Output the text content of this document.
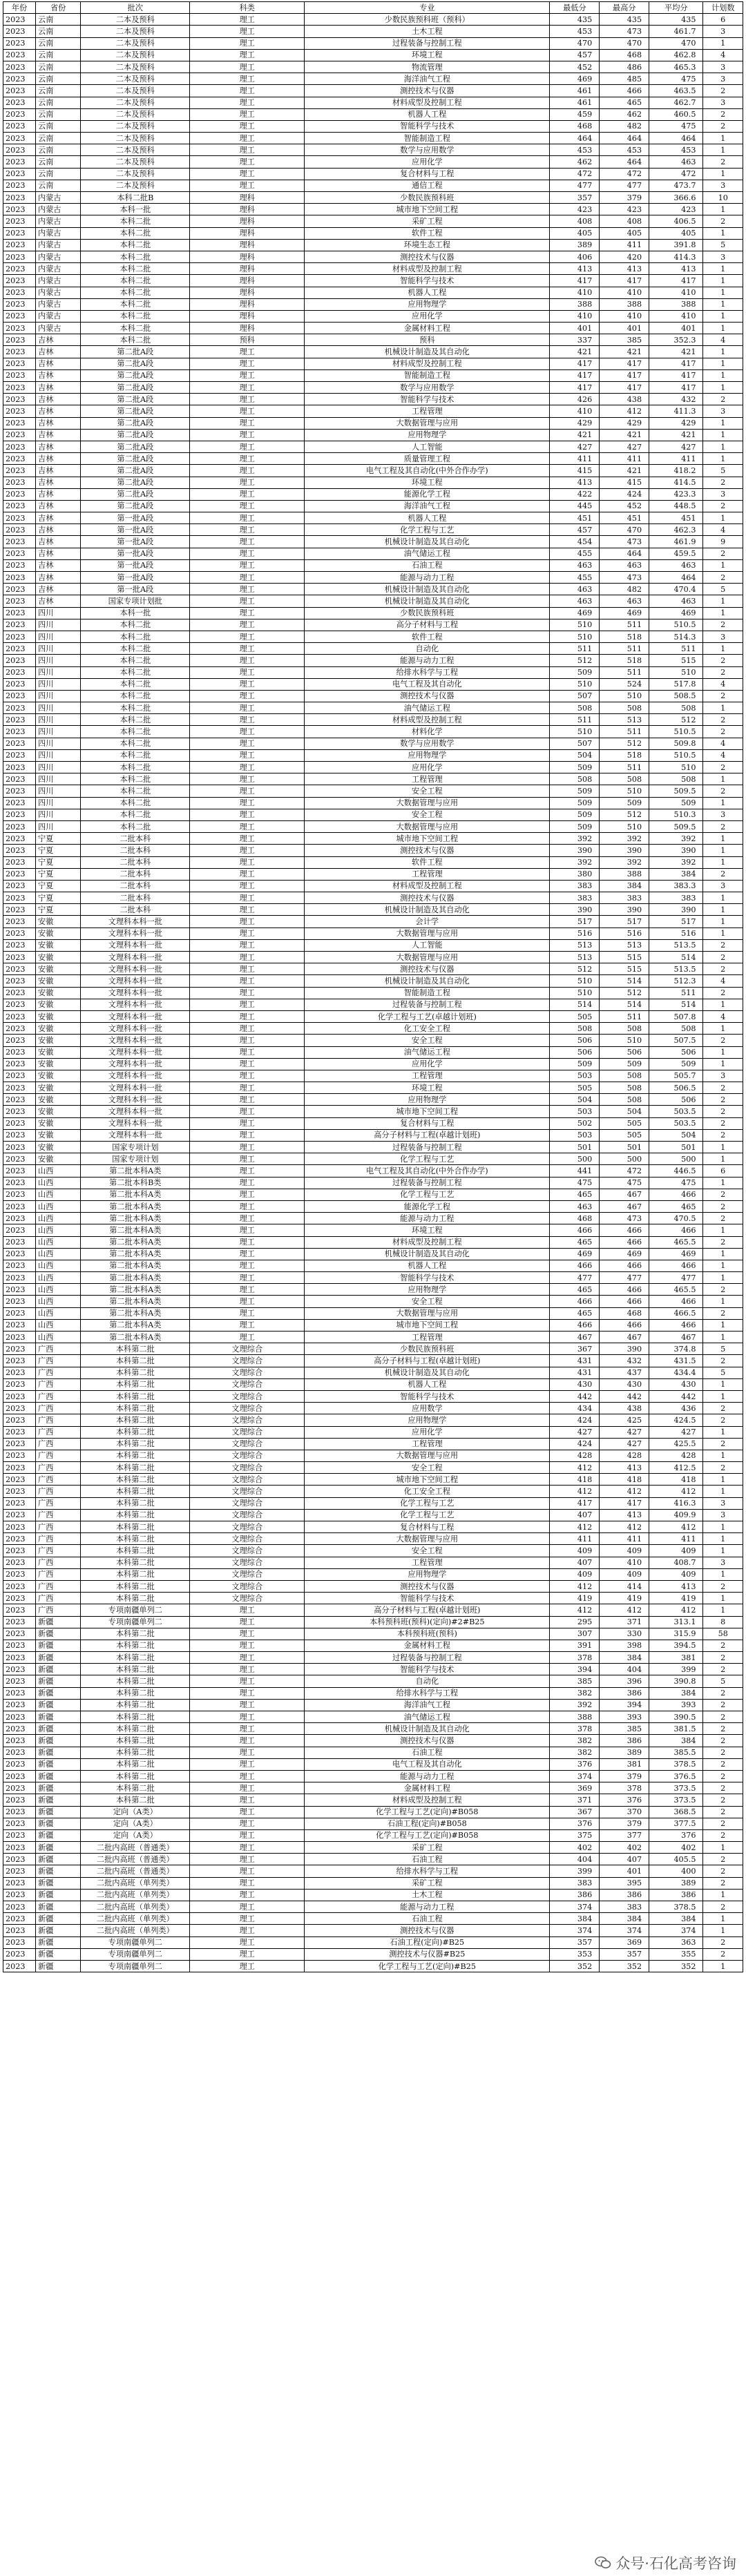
年份	省份	批次	科类	专业	最低分	最高分	平均分	计划数
2023	云南	二本及预科	理工	少数民族预科班（预科）	435	435	435	6
2023	云南	二本及预科	理工	土木工程	453	473	461.7	3
2023	云南	二本及预科	理工	过程装备与控制工程	470	470	470	1
2023	云南	二本及预科	理工	环境工程	457	468	462.8	4
2023	云南	二本及预科	理工	物流管理	452	486	465.3	3
2023	云南	二本及预科	理工	海洋油气工程	469	485	475	3
2023	云南	二本及预科	理工	测控技术与仪器	461	466	463.5	2
2023	云南	二本及预科	理工	材料成型及控制工程	461	465	462.7	3
2023	云南	二本及预科	理工	机器人工程	459	462	460.5	2
2023	云南	二本及预科	理工	智能科学与技术	468	482	475	2
2023	云南	二本及预科	理工	智能制造工程	464	464	464	1
2023	云南	二本及预科	理工	数学与应用数学	453	453	453	1
2023	云南	二本及预科	理工	应用化学	462	464	463	2
2023	云南	二本及预科	理工	复合材料与工程	472	472	472	1
2023	云南	二本及预科	理工	通信工程	477	477	473.7	3
2023	内蒙古	本科二批B	理科	少数民族预科班	357	379	366.6	10
2023	内蒙古	本科一批	理科	城市地下空间工程	423	423	423	1
2023	内蒙古	本科二批	理科	采矿工程	408	408	406.5	2
2023	内蒙古	本科二批	理科	软件工程	405	405	405	1
2023	内蒙古	本科二批	理科	环境生态工程	389	411	391.8	5
2023	内蒙古	本科二批	理科	测控技术与仪器	406	420	414.3	3
2023	内蒙古	本科二批	理科	材料成型及控制工程	413	413	413	1
2023	内蒙古	本科二批	理科	智能科学与技术	417	417	417	1
2023	内蒙古	本科二批	理科	机器人工程	410	410	410	1
2023	内蒙古	本科二批	理科	应用物理学	388	388	388	1
2023	内蒙古	本科二批	理科	应用化学	410	410	410	1
2023	内蒙古	本科二批	理科	金属材料工程	401	401	401	1
2023	吉林	本科二批	预科	预科	337	385	352.3	4
2023	吉林	第二批A段	理工	机械设计制造及其自动化	421	421	421	1
2023	吉林	第二批A段	理工	材料成型及控制工程	417	417	417	1
2023	吉林	第二批A段	理工	智能制造工程	417	417	417	1
2023	吉林	第二批A段	理工	数学与应用数学	417	417	417	1
2023	吉林	第二批A段	理工	智能科学与技术	426	438	432	2
2023	吉林	第二批A段	理工	工程管理	410	412	411.3	3
2023	吉林	第二批A段	理工	大数据管理与应用	429	429	429	1
2023	吉林	第二批A段	理工	应用物理学	421	421	421	1
2023	吉林	第二批A段	理工	人工智能	427	427	427	1
2023	吉林	第二批A段	理工	质量管理工程	411	411	411	1
2023	吉林	第二批A段	理工	电气工程及其自动化(中外合作办学)	415	421	418.2	5
2023	吉林	第二批A段	理工	环境工程	413	415	414.5	2
2023	吉林	第二批A段	理工	能源化学工程	422	424	423.3	3
2023	吉林	第二批A段	理工	海洋油气工程	445	452	448.5	2
2023	吉林	第一批A段	理工	机器人工程	451	451	451	1
2023	吉林	第一批A段	理工	化学工程与工艺	457	470	462.3	4
2023	吉林	第一批A段	理工	机械设计制造及其自动化	454	473	461.9	9
2023	吉林	第一批A段	理工	油气储运工程	455	464	459.5	2
2023	吉林	第一批A段	理工	石油工程	463	463	463	1
2023	吉林	第一批A段	理工	能源与动力工程	455	473	464	2
2023	吉林	第一批A段	理工	机械设计制造及其自动化	463	482	470.4	5
2023	吉林	国家专项计划批	理工	机械设计制造及其自动化	463	463	463	1
2023	四川	本科一批	理工	少数民族预科班	469	469	469	1
2023	四川	本科二批	理工	高分子材料与工程	510	511	510.5	2
2023	四川	本科二批	理工	软件工程	510	518	514.3	3
2023	四川	本科二批	理工	自动化	511	511	511	1
2023	四川	本科二批	理工	能源与动力工程	512	518	515	2
2023	四川	本科二批	理工	给排水科学与工程	509	511	510	2
2023	四川	本科二批	理工	电气工程及其自动化	510	524	517.8	4
2023	四川	本科二批	理工	测控技术与仪器	507	510	508.5	2
2023	四川	本科二批	理工	油气储运工程	508	508	508	1
2023	四川	本科二批	理工	材料成型及控制工程	511	513	512	2
2023	四川	本科二批	理工	材料化学	510	511	510.5	2
2023	四川	本科二批	理工	数学与应用数学	507	512	509.8	4
2023	四川	本科二批	理工	应用物理学	504	518	510.5	4
2023	四川	本科二批	理工	应用化学	509	511	510	2
2023	四川	本科二批	理工	工程管理	508	508	508	1
2023	四川	本科二批	理工	安全工程	509	510	509.5	2
2023	四川	本科二批	理工	大数据管理与应用	509	509	509	1
2023	四川	本科二批	理工	安全工程	509	512	510.3	3
2023	四川	本科二批	理工	大数据管理与应用	509	510	509.5	2
2023	宁夏	二批本科	理工	城市地下空间工程	392	392	392	1
2023	宁夏	二批本科	理工	测控技术与仪器	390	390	390	1
2023	宁夏	二批本科	理工	软件工程	392	392	392	1
2023	宁夏	二批本科	理工	工程管理	380	388	384	2
2023	宁夏	二批本科	理工	材料成型及控制工程	383	384	383.3	3
2023	宁夏	二批本科	理工	测控技术与仪器	383	383	383	1
2023	宁夏	二批本科	理工	机械设计制造及其自动化	390	390	390	1
2023	安徽	文理科本科一批	理工	会计学	517	517	517	1
2023	安徽	文理科本科一批	理工	大数据管理与应用	516	516	516	1
2023	安徽	文理科本科一批	理工	人工智能	513	513	513.5	2
2023	安徽	文理科本科一批	理工	大数据管理与应用	513	515	514	2
2023	安徽	文理科本科一批	理工	测控技术与仪器	512	515	513.5	2
2023	安徽	文理科本科一批	理工	机械设计制造及其自动化	510	514	512.3	4
2023	安徽	文理科本科一批	理工	智能制造工程	510	512	511	2
2023	安徽	文理科本科一批	理工	过程装备与控制工程	514	514	514	1
2023	安徽	文理科本科一批	理工	化学工程与工艺(卓越计划班)	505	511	507.8	4
2023	安徽	文理科本科一批	理工	化工安全工程	508	508	508	1
2023	安徽	文理科本科一批	理工	安全工程	506	510	507.5	2
2023	安徽	文理科本科一批	理工	油气储运工程	506	506	506	1
2023	安徽	文理科本科一批	理工	应用化学	509	509	509	1
2023	安徽	文理科本科一批	理工	工程管理	503	508	505.7	3
2023	安徽	文理科本科一批	理工	环境工程	505	508	506.5	2
2023	安徽	文理科本科一批	理工	应用物理学	504	508	506	2
2023	安徽	文理科本科一批	理工	城市地下空间工程	503	504	503.5	2
2023	安徽	文理科本科一批	理工	复合材料与工程	502	505	503.5	2
2023	安徽	文理科本科一批	理工	高分子材料与工程(卓越计划班)	503	505	504	2
2023	安徽	国家专项计划	理工	过程装备与控制工程	501	501	501	1
2023	安徽	国家专项计划	理工	化学工程与工艺	500	500	500	1
2023	山西	第二批本科A类	理工	电气工程及其自动化(中外合作办学)	441	472	446.5	6
2023	山西	第二批本科B类	理工	过程装备与控制工程	475	475	475	1
2023	山西	第二批本科A类	理工	化学工程与工艺	465	467	466	2
2023	山西	第二批本科A类	理工	能源化学工程	463	467	465	2
2023	山西	第二批本科A类	理工	能源与动力工程	468	473	470.5	2
2023	山西	第二批本科A类	理工	环境工程	466	466	466	1
2023	山西	第二批本科A类	理工	材料成型及控制工程	465	466	465.5	2
2023	山西	第二批本科A类	理工	机械设计制造及其自动化	469	469	469	1
2023	山西	第二批本科A类	理工	机器人工程	466	466	466	1
2023	山西	第二批本科A类	理工	智能科学与技术	477	477	477	1
2023	山西	第二批本科A类	理工	应用物理学	465	466	465.5	2
2023	山西	第二批本科A类	理工	安全工程	466	466	466	1
2023	山西	第二批本科A类	理工	大数据管理与应用	465	468	466.5	2
2023	山西	第二批本科A类	理工	城市地下空间工程	466	466	466	1
2023	山西	第二批本科A类	理工	工程管理	467	467	467	1
2023	广西	本科第二批	文理综合	少数民族预科班	367	390	374.8	5
2023	广西	本科第二批	文理综合	高分子材料与工程(卓越计划班)	431	432	431.5	2
2023	广西	本科第二批	文理综合	机械设计制造及其自动化	431	437	434.4	5
2023	广西	本科第二批	文理综合	机器人工程	430	430	430	1
2023	广西	本科第二批	文理综合	智能科学与技术	442	442	442	1
2023	广西	本科第二批	文理综合	应用数学	434	438	436	2
2023	广西	本科第二批	文理综合	应用物理学	424	425	424.5	2
2023	广西	本科第二批	文理综合	应用化学	427	427	427	1
2023	广西	本科第二批	文理综合	工程管理	424	427	425.5	2
2023	广西	本科第二批	文理综合	大数据管理与应用	428	428	428	1
2023	广西	本科第二批	文理综合	安全工程	412	413	412.5	2
2023	广西	本科第二批	文理综合	城市地下空间工程	418	418	418	1
2023	广西	本科第二批	文理综合	化工安全工程	412	412	412	1
2023	广西	本科第二批	文理综合	化学工程与工艺	417	417	416.3	3
2023	广西	本科第二批	文理综合	化学工程与工艺	407	413	409.9	3
2023	广西	本科第二批	文理综合	复合材料与工程	412	412	412	1
2023	广西	本科第二批	文理综合	大数据管理与应用	411	411	411	1
2023	广西	本科第二批	文理综合	安全工程	409	409	409	1
2023	广西	本科第二批	文理综合	工程管理	407	410	408.7	3
2023	广西	本科第二批	文理综合	应用物理学	409	409	409	1
2023	广西	本科第二批	文理综合	测控技术与仪器	412	414	413	2
2023	广西	本科第二批	文理综合	智能科学与技术	419	419	419	1
2023	广西	专项南疆单列二	理工	高分子材料与工程(卓越计划班)	412	412	412	1
2023	新疆	专项南疆单列二	理工	本科预科班(预科)(定向)#2#B25	295	371	313.1	8
2023	新疆	本科第二批	理工	本科预科班(预科)	307	330	315.9	58
2023	新疆	本科第二批	理工	金属材料工程	391	398	394.5	2
2023	新疆	本科第二批	理工	过程装备与控制工程	378	384	381	2
2023	新疆	本科第二批	理工	智能科学与技术	394	404	399	2
2023	新疆	本科第二批	理工	自动化	385	396	390.8	5
2023	新疆	本科第二批	理工	给排水科学与工程	382	386	384	2
2023	新疆	本科第二批	理工	海洋油气工程	392	394	393	2
2023	新疆	本科第二批	理工	油气储运工程	388	393	390.5	2
2023	新疆	本科第二批	理工	机械设计制造及其自动化	378	385	381.5	2
2023	新疆	本科第二批	理工	测控技术与仪器	382	386	384	2
2023	新疆	本科第二批	理工	石油工程	382	389	385.5	2
2023	新疆	本科第二批	理工	电气工程及其自动化	376	381	378.5	2
2023	新疆	本科第二批	理工	能源与动力工程	374	379	376.5	2
2023	新疆	本科第二批	理工	金属材料工程	369	378	373.5	2
2023	新疆	本科第二批	理工	材料成型及控制工程	371	376	373.5	2
2023	新疆	定向（A类）	理工	化学工程与工艺(定向)#B058	367	370	368.5	2
2023	新疆	定向（A类）	理工	石油工程(定向)#B058	376	379	377.5	2
2023	新疆	定向（A类）	理工	化学工程与工艺(定向)#B058	375	377	376	2
2023	新疆	二批内高班（普通类）	理工	采矿工程	402	402	402	1
2023	新疆	二批内高班（普通类）	理工	石油工程	404	407	405.5	2
2023	新疆	二批内高班（普通类）	理工	给排水科学与工程	399	401	400	2
2023	新疆	二批内高班（单列类）	理工	采矿工程	383	395	389	2
2023	新疆	二批内高班（单列类）	理工	土木工程	386	386	386	1
2023	新疆	二批内高班（单列类）	理工	能源与动力工程	374	383	378.5	2
2023	新疆	二批内高班（单列类）	理工	石油工程	384	384	384	1
2023	新疆	二批内高班（单列类）	理工	测控技术与仪器	374	374	374	1
2023	新疆	专项南疆单列二	理工	石油工程(定向)#B25	357	369	363	2
2023	新疆	专项南疆单列二	理工	测控技术与仪器#B25	353	357	355	2
2023	新疆	专项南疆单列二	理工	化学工程与工艺(定向)#B25	352	352	352	1
众号·石化高考咨询
